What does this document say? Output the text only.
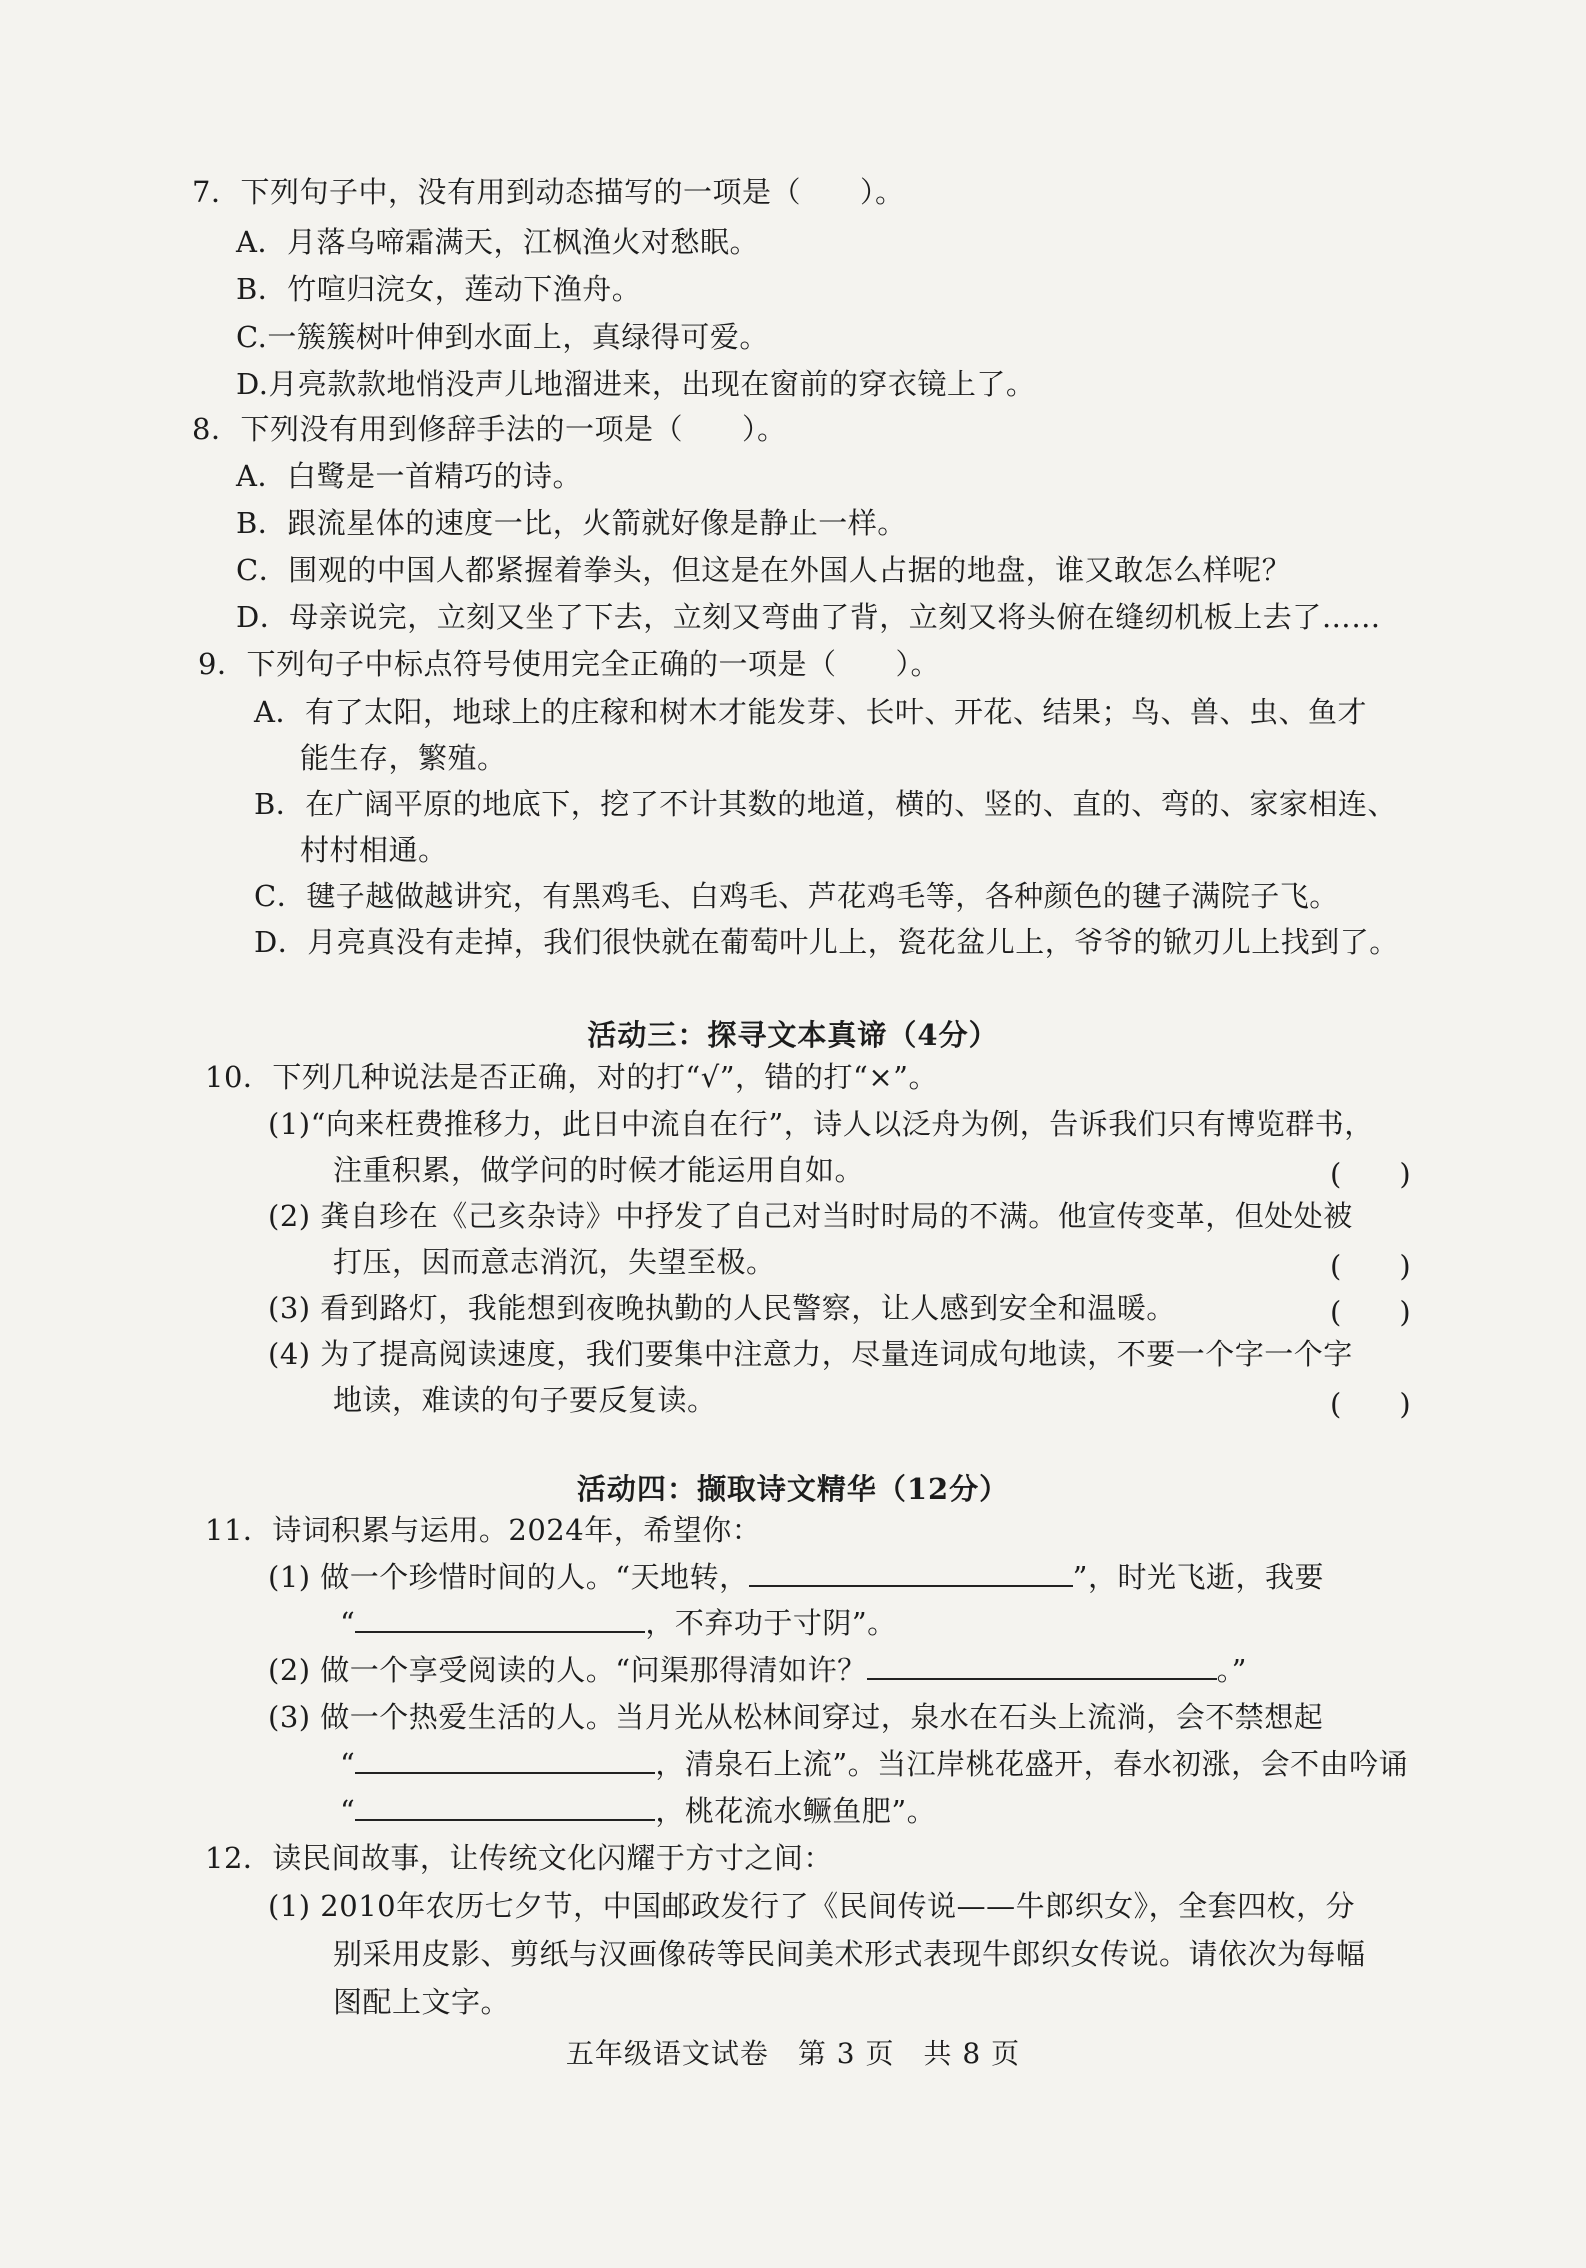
7．下列句子中，没有用到动态描写的一项是（　　）。
A．月落乌啼霜满天，江枫渔火对愁眠。
B．竹喧归浣女，莲动下渔舟。
C.一簇簇树叶伸到水面上，真绿得可爱。
D.月亮款款地悄没声儿地溜进来，出现在窗前的穿衣镜上了。
8．下列没有用到修辞手法的一项是（　　）。
A．白鹭是一首精巧的诗。
B．跟流星体的速度一比，火箭就好像是静止一样。
C．围观的中国人都紧握着拳头，但这是在外国人占据的地盘，谁又敢怎么样呢？
D．母亲说完，立刻又坐了下去，立刻又弯曲了背，立刻又将头俯在缝纫机板上去了……
9．下列句子中标点符号使用完全正确的一项是（　　）。
A．有了太阳，地球上的庄稼和树木才能发芽、长叶、开花、结果；鸟、兽、虫、鱼才
能生存，繁殖。
B．在广阔平原的地底下，挖了不计其数的地道，横的、竖的、直的、弯的、家家相连、
村村相通。
C．毽子越做越讲究，有黑鸡毛、白鸡毛、芦花鸡毛等，各种颜色的毽子满院子飞。
D．月亮真没有走掉，我们很快就在葡萄叶儿上，瓷花盆儿上，爷爷的锨刃儿上找到了。
活动三：探寻文本真谛（4分）
10．下列几种说法是否正确，对的打“√”，错的打“×”。
(1)“向来枉费推移力，此日中流自在行”，诗人以泛舟为例，告诉我们只有博览群书，
注重积累，做学问的时候才能运用自如。	(　　)
(2) 龚自珍在《己亥杂诗》中抒发了自己对当时时局的不满。他宣传变革，但处处被
打压，因而意志消沉，失望至极。	(　　)
(3) 看到路灯，我能想到夜晚执勤的人民警察，让人感到安全和温暖。	(　　)
(4) 为了提高阅读速度，我们要集中注意力，尽量连词成句地读，不要一个字一个字
地读，难读的句子要反复读。	(　　)
活动四：撷取诗文精华（12分）
11．诗词积累与运用。2024年，希望你：
(1) 做一个珍惜时间的人。“天地转，	”，时光飞逝，我要
“	，不弃功于寸阴”。
(2) 做一个享受阅读的人。“问渠那得清如许？	。”
(3) 做一个热爱生活的人。当月光从松林间穿过，泉水在石头上流淌，会不禁想起
“	，清泉石上流”。当江岸桃花盛开，春水初涨，会不由吟诵
“	，桃花流水鳜鱼肥”。
12．读民间故事，让传统文化闪耀于方寸之间：
(1) 2010年农历七夕节，中国邮政发行了《民间传说——牛郎织女》，全套四枚，分
别采用皮影、剪纸与汉画像砖等民间美术形式表现牛郎织女传说。请依次为每幅
图配上文字。
五年级语文试卷　第 3 页　共 8 页
